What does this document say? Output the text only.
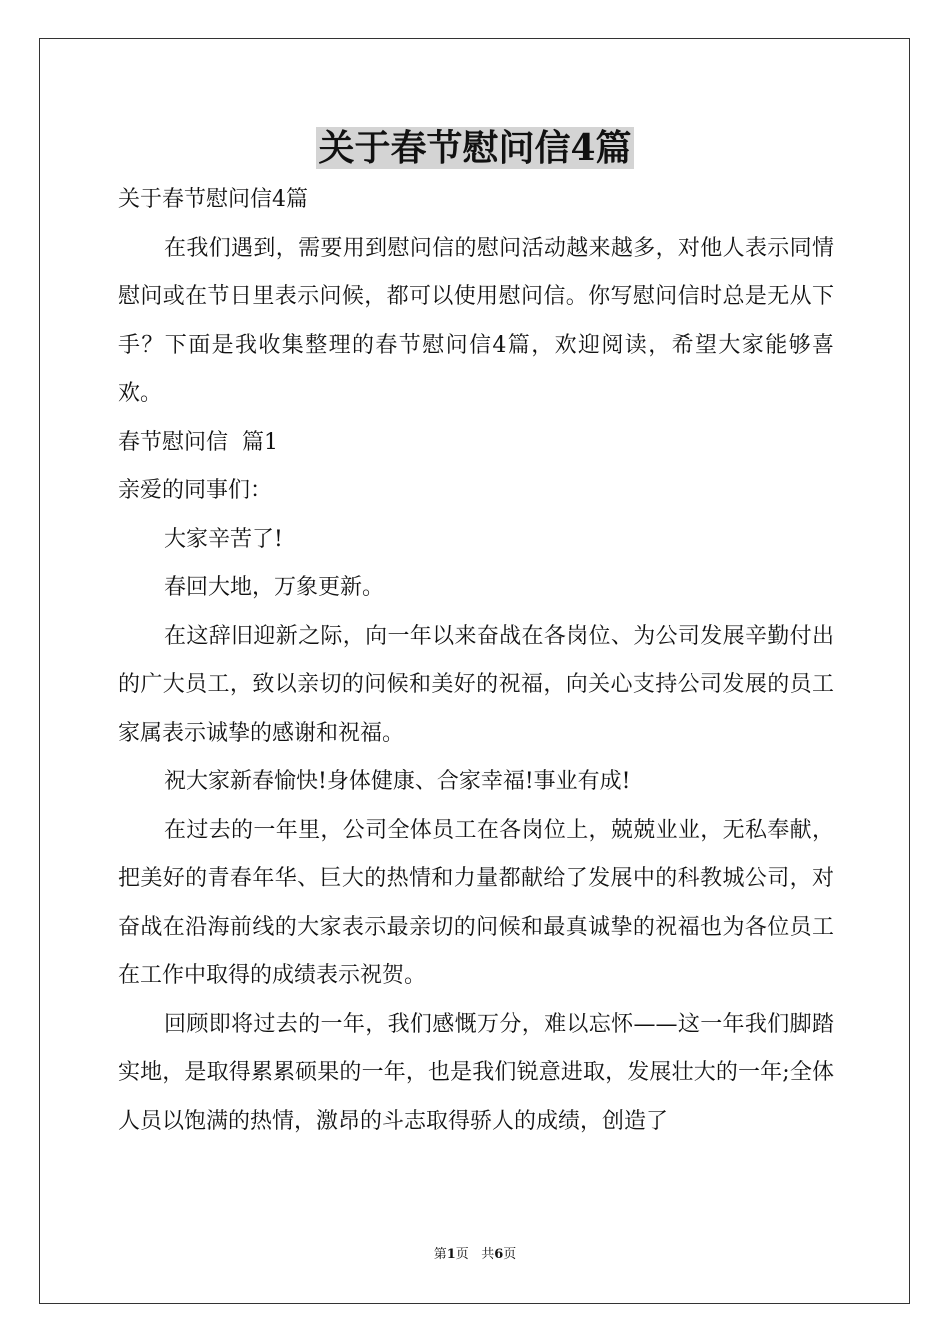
关于春节慰问信4篇

关于春节慰问信4篇

在我们遇到，需要用到慰问信的慰问活动越来越多，对他人表示同情慰问或在节日里表示问候，都可以使用慰问信。你写慰问信时总是无从下手？下面是我收集整理的春节慰问信4篇，欢迎阅读，希望大家能够喜欢。

春节慰问信  篇1

亲爱的同事们：

大家辛苦了!

春回大地，万象更新。

在这辞旧迎新之际，向一年以来奋战在各岗位、为公司发展辛勤付出的广大员工，致以亲切的问候和美好的祝福，向关心支持公司发展的员工家属表示诚挚的感谢和祝福。

祝大家新春愉快!身体健康、合家幸福!事业有成!

在过去的一年里，公司全体员工在各岗位上，兢兢业业，无私奉献，把美好的青春年华、巨大的热情和力量都献给了发展中的科教城公司，对奋战在沿海前线的大家表示最亲切的问候和最真诚挚的祝福也为各位员工在工作中取得的成绩表示祝贺。

回顾即将过去的一年，我们感慨万分，难以忘怀——这一年我们脚踏实地，是取得累累硕果的一年，也是我们锐意进取，发展壮大的一年;全体人员以饱满的热情，激昂的斗志取得骄人的成绩，创造了

第1页 共6页
